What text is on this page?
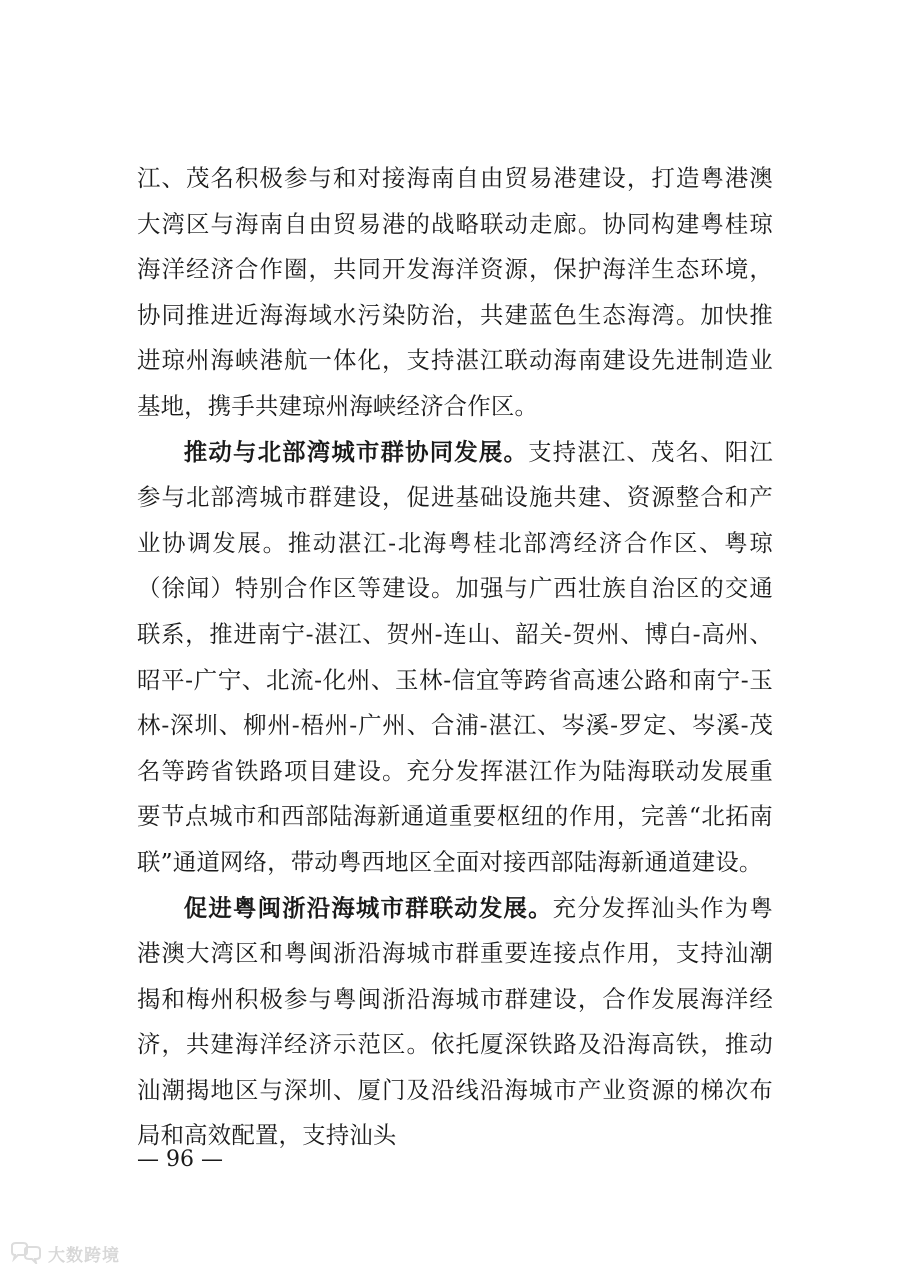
江、茂名积极参与和对接海南自由贸易港建设，打造粤港澳大湾区与海南自由贸易港的战略联动走廊。协同构建粤桂琼海洋经济合作圈，共同开发海洋资源，保护海洋生态环境，协同推进近海海域水污染防治，共建蓝色生态海湾。加快推进琼州海峡港航一体化，支持湛江联动海南建设先进制造业基地，携手共建琼州海峡经济合作区。

推动与北部湾城市群协同发展。支持湛江、茂名、阳江参与北部湾城市群建设，促进基础设施共建、资源整合和产业协调发展。推动湛江-北海粤桂北部湾经济合作区、粤琼（徐闻）特别合作区等建设。加强与广西壮族自治区的交通联系，推进南宁-湛江、贺州-连山、韶关-贺州、博白-高州、昭平-广宁、北流-化州、玉林-信宜等跨省高速公路和南宁-玉林-深圳、柳州-梧州-广州、合浦-湛江、岑溪-罗定、岑溪-茂名等跨省铁路项目建设。充分发挥湛江作为陆海联动发展重要节点城市和西部陆海新通道重要枢纽的作用，完善“北拓南联”通道网络，带动粤西地区全面对接西部陆海新通道建设。

促进粤闽浙沿海城市群联动发展。充分发挥汕头作为粤港澳大湾区和粤闽浙沿海城市群重要连接点作用，支持汕潮揭和梅州积极参与粤闽浙沿海城市群建设，合作发展海洋经济，共建海洋经济示范区。依托厦深铁路及沿海高铁，推动汕潮揭地区与深圳、厦门及沿线沿海城市产业资源的梯次布局和高效配置，支持汕头

— 96 —
大数跨境
